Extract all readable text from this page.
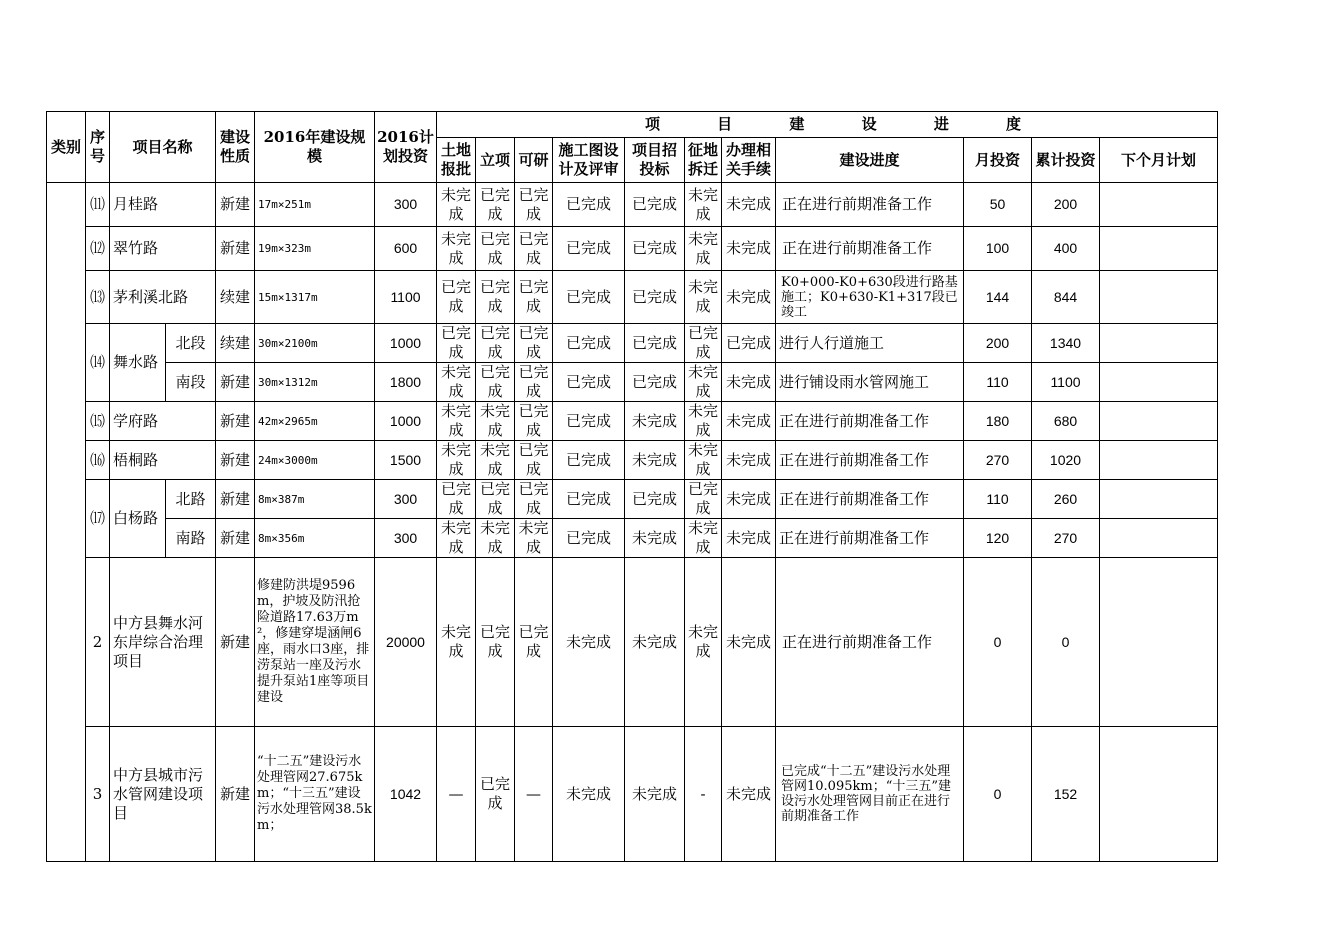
类别	序号	项目名称		建设性质	2016年建设规模	2016计划投资	项 目 建 设 进 度										
							土地报批	立项	可研	施工图设计及评审	项目招投标	征地拆迁	办理相关手续	建设进度	月投资	累计投资	下个月计划
	⑾	月桂路		新建	17m×251m	300	未完成	已完成	已完成	已完成	已完成	未完成	未完成	正在进行前期准备工作	50	200	
	⑿	翠竹路		新建	19m×323m	600	未完成	已完成	已完成	已完成	已完成	未完成	未完成	正在进行前期准备工作	100	400	
	⒀	茅利溪北路		续建	15m×1317m	1100	已完成	已完成	已完成	已完成	已完成	未完成	未完成	K0+000-K0+630段进行路基施工；K0+630-K1+317段已竣工	144	844	
	⒁	舞水路	北段	续建	30m×2100m	1000	已完成	已完成	已完成	已完成	已完成	已完成	已完成	进行人行道施工	200	1340	
			南段	新建	30m×1312m	1800	未完成	已完成	已完成	已完成	已完成	未完成	未完成	进行铺设雨水管网施工	110	1100	
	⒂	学府路		新建	42m×2965m	1000	未完成	未完成	已完成	已完成	未完成	未完成	未完成	正在进行前期准备工作	180	680	
	⒃	梧桐路		新建	24m×3000m	1500	未完成	未完成	已完成	已完成	未完成	未完成	未完成	正在进行前期准备工作	270	1020	
	⒄	白杨路	北路	新建	8m×387m	300	已完成	已完成	已完成	已完成	已完成	已完成	未完成	正在进行前期准备工作	110	260	
			南路	新建	8m×356m	300	未完成	未完成	未完成	已完成	未完成	未完成	未完成	正在进行前期准备工作	120	270	
	2	中方县舞水河东岸综合治理项目		新建	修建防洪堤9596m，护坡及防汛抢险道路17.63万m²，修建穿堤涵闸6座，雨水口3座，排涝泵站一座及污水提升泵站1座等项目建设	20000	未完成	已完成	已完成	未完成	未完成	未完成	未完成	正在进行前期准备工作	0	0	
	3	中方县城市污水管网建设项目		新建	“十二五”建设污水处理管网27.675km；“十三五”建设污水处理管网38.5km；	1042	—	已完成	—	未完成	未完成	-	未完成	已完成“十二五”建设污水处理管网10.095km；“十三五”建设污水处理管网目前正在进行前期准备工作	0	152	
